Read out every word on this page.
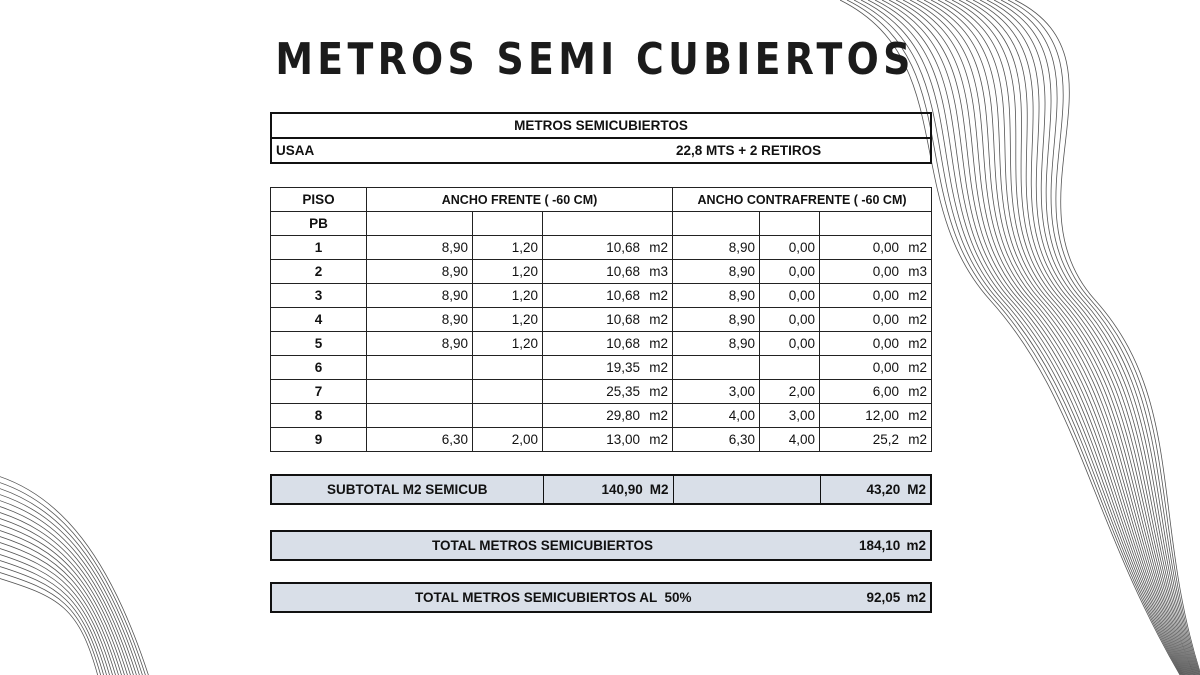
METROS SEMI CUBIERTOS
METROS SEMICUBIERTOS
USAA	22,8 MTS + 2 RETIROS
PISO	ANCHO FRENTE ( -60 CM)			ANCHO CONTRAFRENTE ( -60 CM)		
PB						
1	8,90	1,20	10,68 m2	8,90	0,00	0,00 m2
2	8,90	1,20	10,68 m3	8,90	0,00	0,00 m3
3	8,90	1,20	10,68 m2	8,90	0,00	0,00 m2
4	8,90	1,20	10,68 m2	8,90	0,00	0,00 m2
5	8,90	1,20	10,68 m2	8,90	0,00	0,00 m2
6			19,35 m2			0,00 m2
7			25,35 m2	3,00	2,00	6,00 m2
8			29,80 m2	4,00	3,00	12,00 m2
9	6,30	2,00	13,00 m2	6,30	4,00	25,2 m2
SUBTOTAL M2 SEMICUB	140,90 M2		43,20 M2
TOTAL METROS SEMICUBIERTOS	184,10 m2
TOTAL METROS SEMICUBIERTOS AL  50%	92,05 m2
